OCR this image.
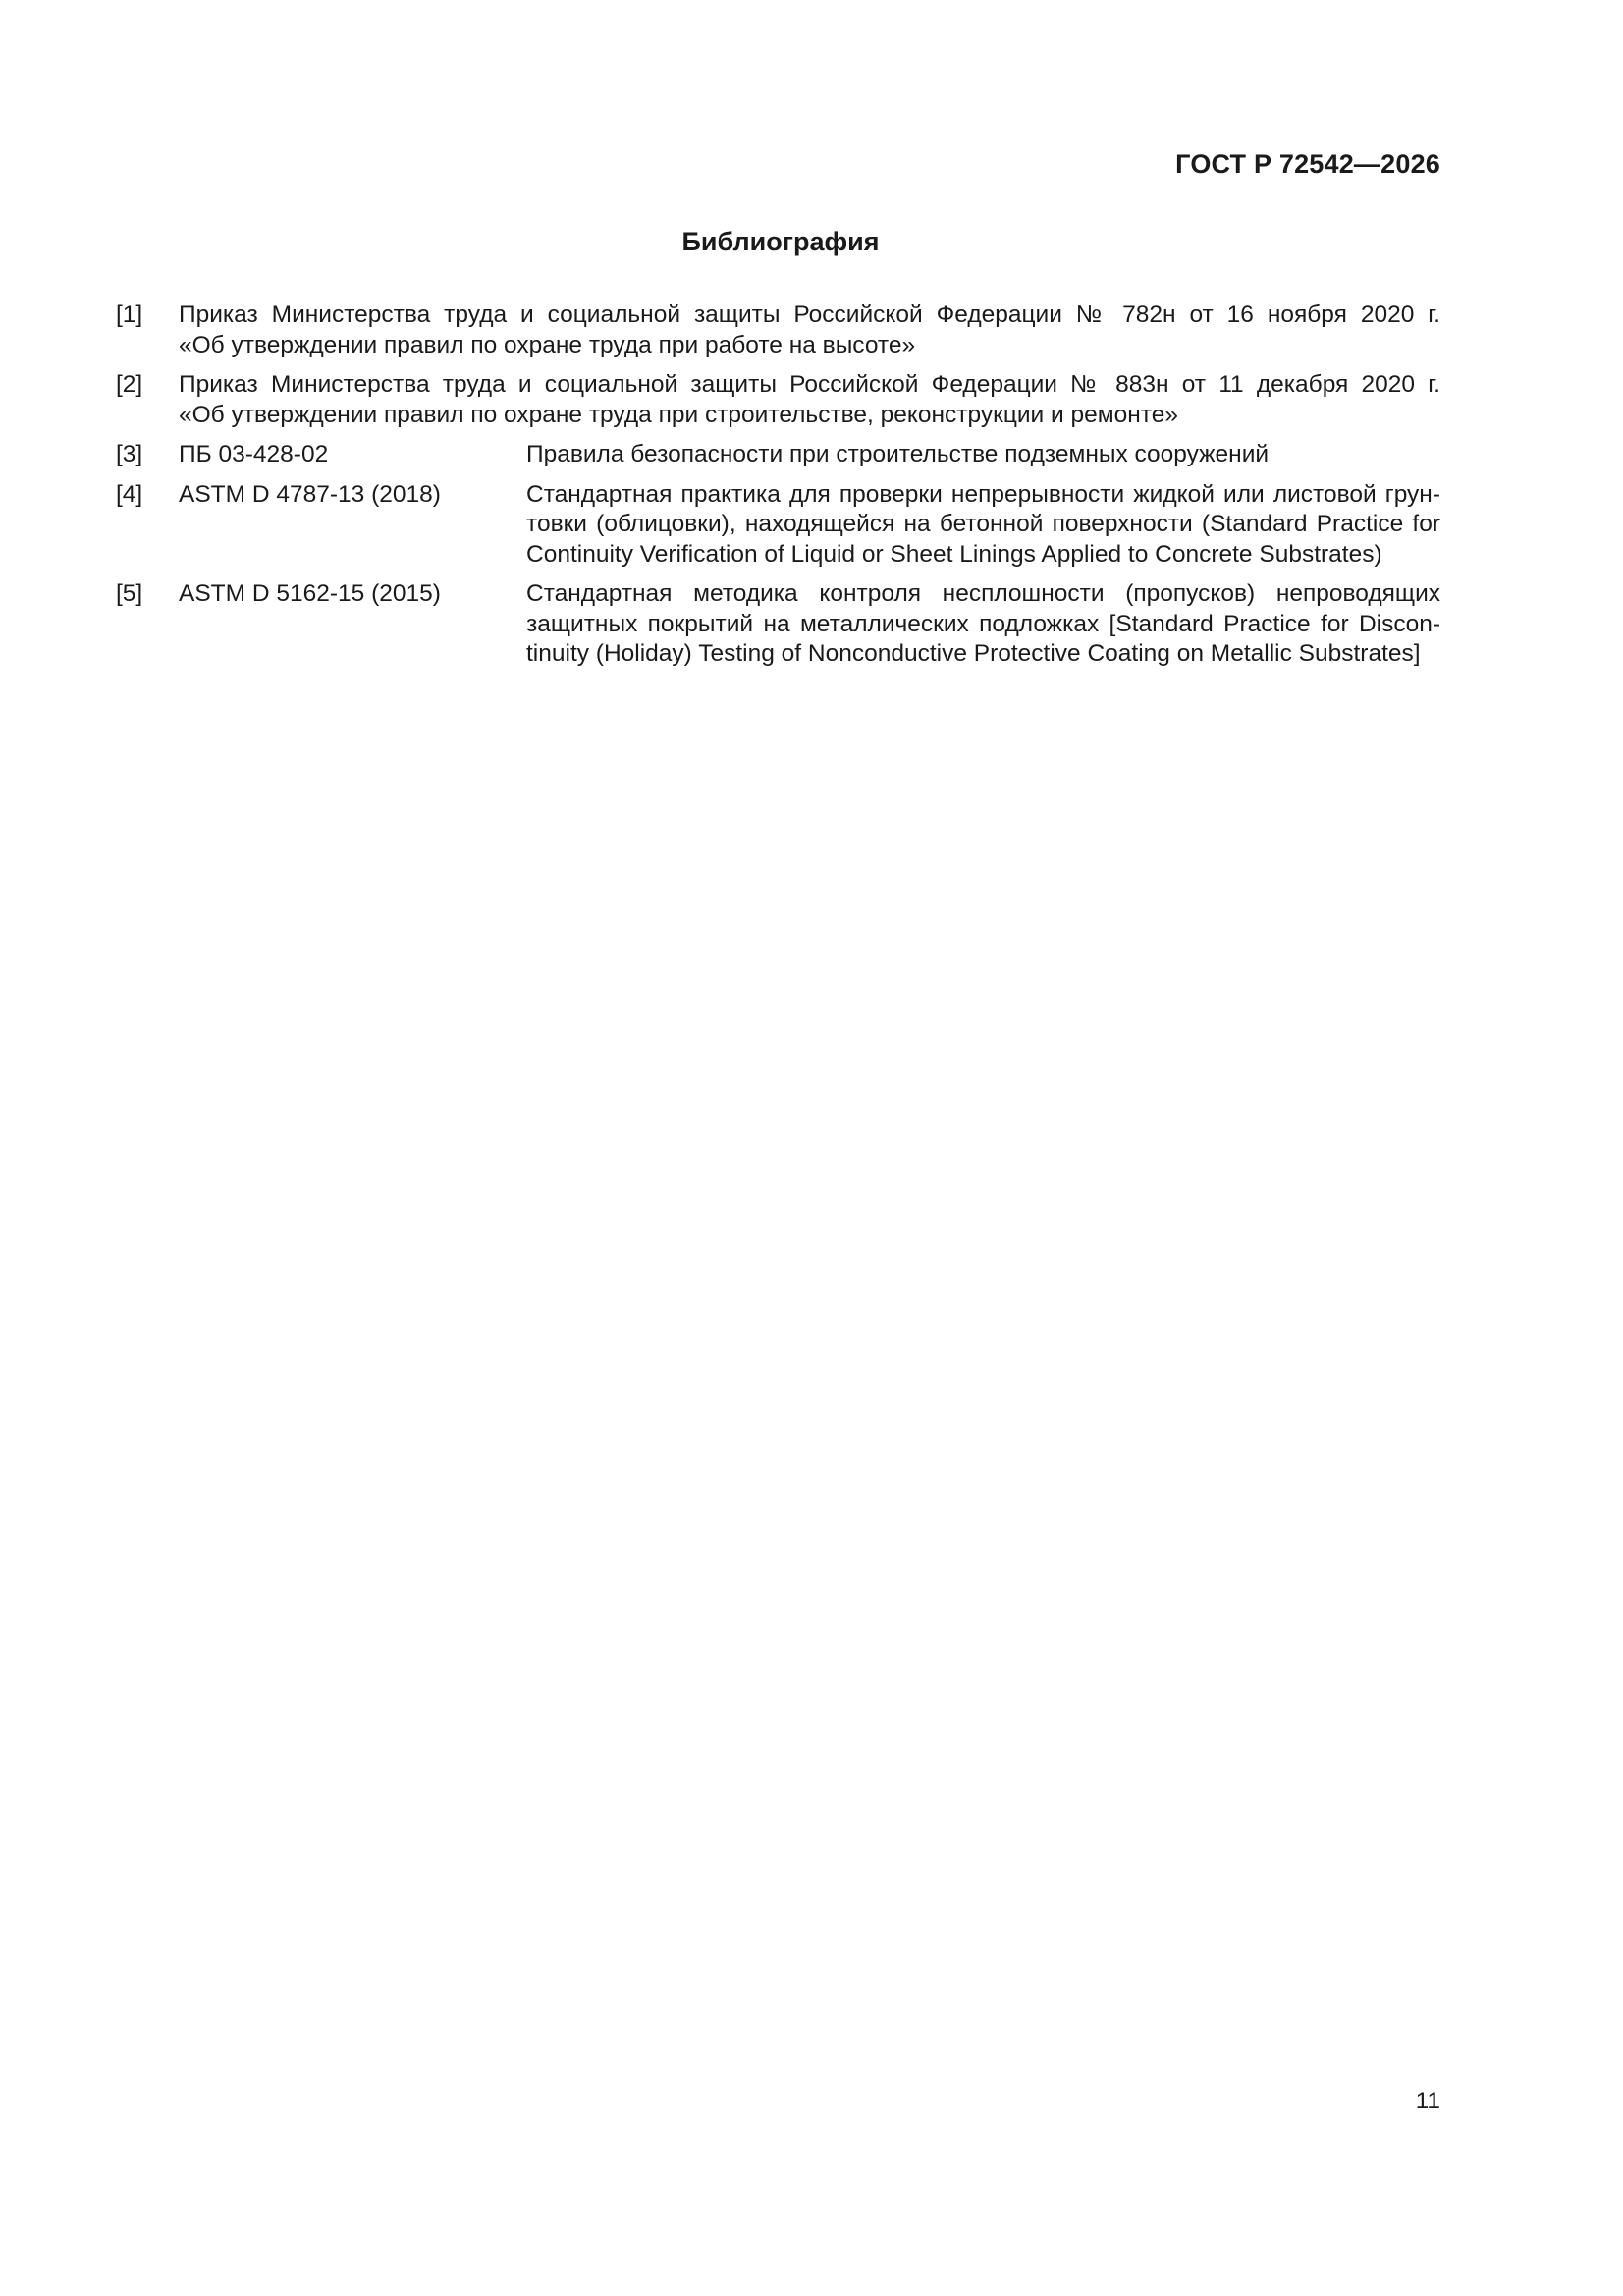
ГОСТ Р 72542—2026
Библиография
[1]	Приказ Министерства труда и социальной защиты Российской Федерации № 782н от 16 ноября 2020 г.
«Об утверждении правил по охране труда при работе на высоте»
[2]	Приказ Министерства труда и социальной защиты Российской Федерации № 883н от 11 декабря 2020 г.
«Об утверждении правил по охране труда при строительстве, реконструкции и ремонте»
[3]	ПБ 03-428-02	Правила безопасности при строительстве подземных сооружений
[4]	ASTM D 4787-13 (2018)	Стандартная практика для проверки непрерывности жидкой или листовой грун-
товки (облицовки), находящейся на бетонной поверхности (Standard Practice for
Continuity Verification of Liquid or Sheet Linings Applied to Concrete Substrates)
[5]	ASTM D 5162-15 (2015)	Стандартная методика контроля несплошности (пропусков) непроводящих
защитных покрытий на металлических подложках [Standard Practice for Discon-
tinuity (Holiday) Testing of Nonconductive Protective Coating on Metallic Substrates]
11
